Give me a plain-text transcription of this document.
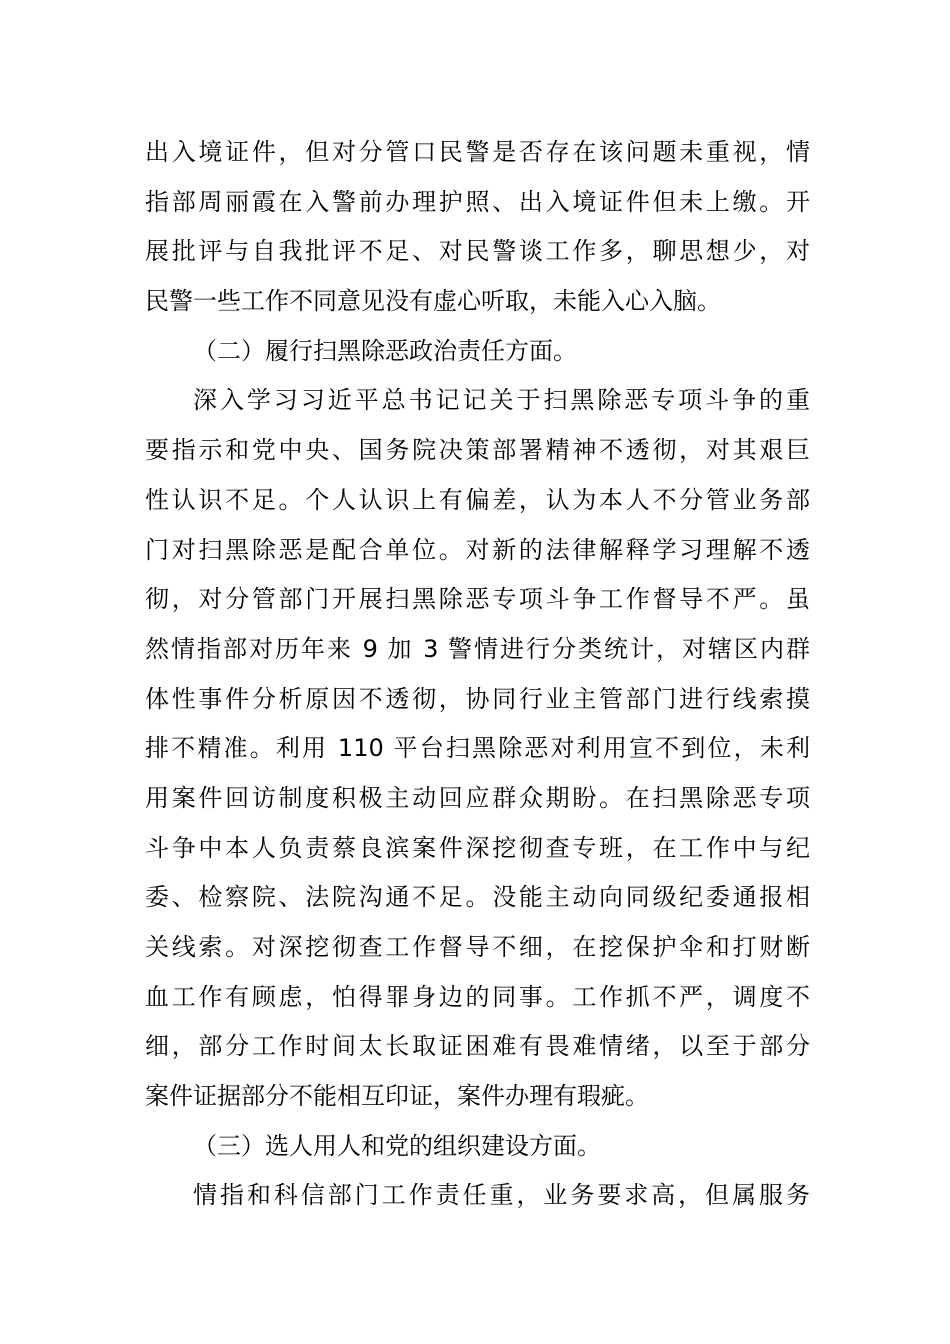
出入境证件，但对分管口民警是否存在该问题未重视，情
指部周丽霞在入警前办理护照、出入境证件但未上缴。开
展批评与自我批评不足、对民警谈工作多，聊思想少，对
民警一些工作不同意见没有虚心听取，未能入心入脑。
（二）履行扫黑除恶政治责任方面。
深入学习习近平总书记记关于扫黑除恶专项斗争的重
要指示和党中央、国务院决策部署精神不透彻，对其艰巨
性认识不足。个人认识上有偏差，认为本人不分管业务部
门对扫黑除恶是配合单位。对新的法律解释学习理解不透
彻，对分管部门开展扫黑除恶专项斗争工作督导不严。虽
然情指部对历年来 9 加 3 警情进行分类统计，对辖区内群
体性事件分析原因不透彻，协同行业主管部门进行线索摸
排不精准。利用 110 平台扫黑除恶对利用宣不到位，未利
用案件回访制度积极主动回应群众期盼。在扫黑除恶专项
斗争中本人负责蔡良滨案件深挖彻查专班，在工作中与纪
委、检察院、法院沟通不足。没能主动向同级纪委通报相
关线索。对深挖彻查工作督导不细，在挖保护伞和打财断
血工作有顾虑，怕得罪身边的同事。工作抓不严，调度不
细，部分工作时间太长取证困难有畏难情绪，以至于部分
案件证据部分不能相互印证，案件办理有瑕疵。
（三）选人用人和党的组织建设方面。
情指和科信部门工作责任重，业务要求高，但属服务
